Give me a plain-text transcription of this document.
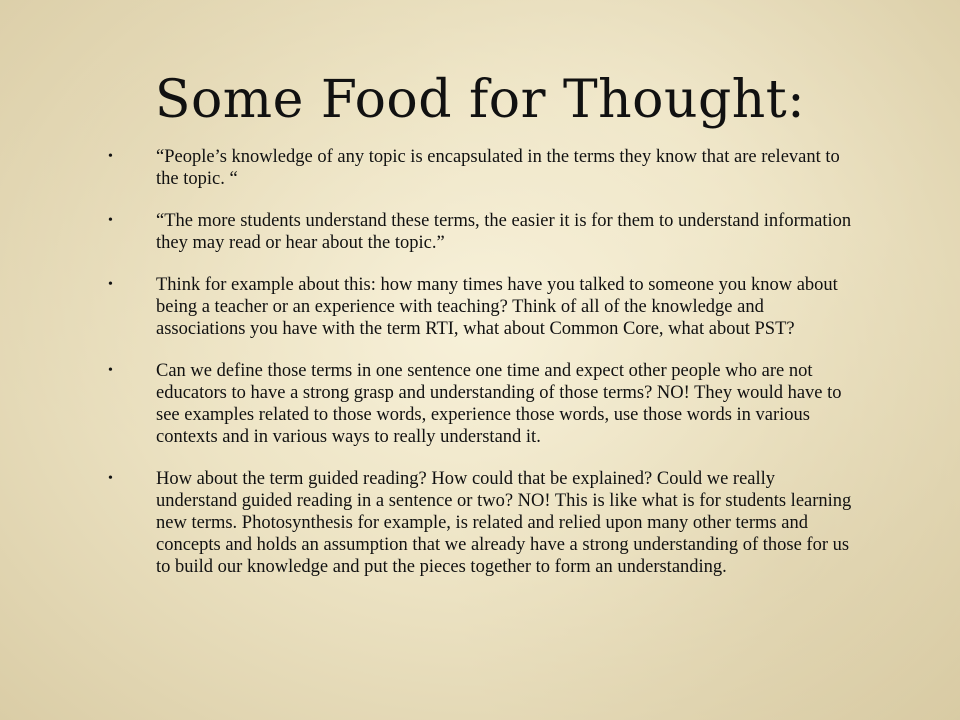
Some Food for Thought:
• “People’s knowledge of any topic is encapsulated in the terms they know that are relevant to the topic. “
• “The more students understand these terms, the easier it is for them to understand information they may read or hear about the topic.”
• Think for example about this: how many times have you talked to someone you know about being a teacher or an experience with teaching? Think of all of the knowledge and associations you have with the term RTI, what about Common Core, what about PST?
• Can we define those terms in one sentence one time and expect other people who are not educators to have a strong grasp and understanding of those terms? NO! They would have to see examples related to those words, experience those words, use those words in various contexts and in various ways to really understand it.
• How about the term guided reading? How could that be explained? Could we really understand guided reading in a sentence or two? NO! This is like what is for students learning new terms. Photosynthesis for example, is related and relied upon many other terms and concepts and holds an assumption that we already have a strong understanding of those for us to build our knowledge and put the pieces together to form an understanding.
